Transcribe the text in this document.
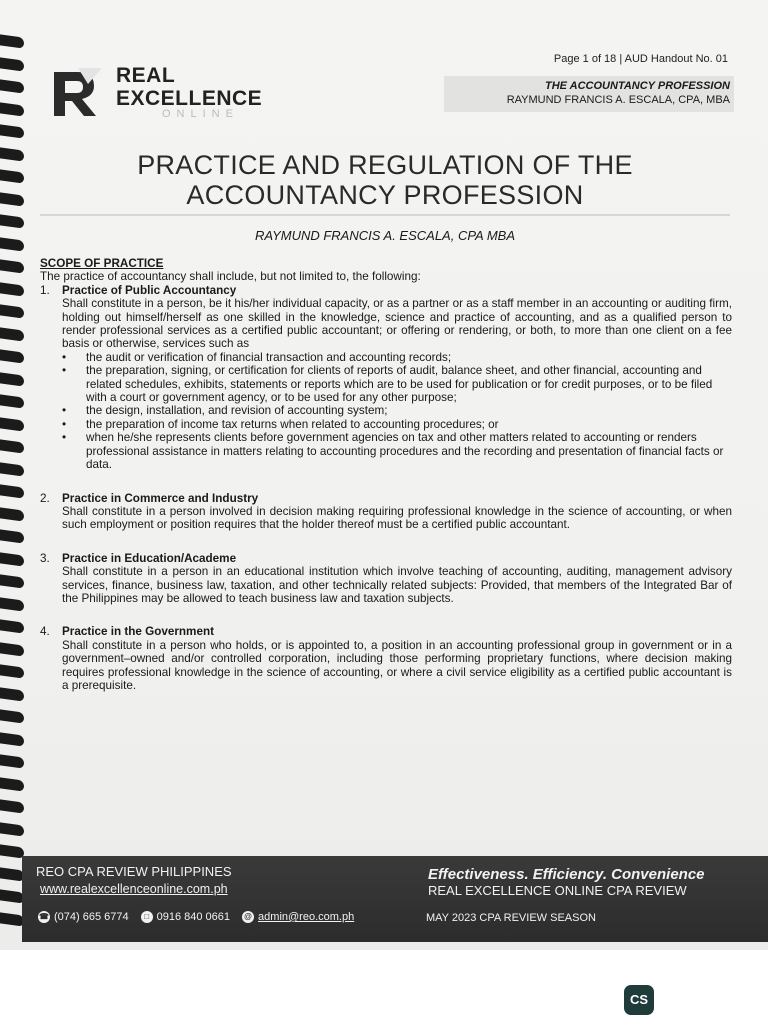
REAL
EXCELLENCE
ONLINE
Page 1 of 18 | AUD Handout No. 01
THE ACCOUNTANCY PROFESSION
RAYMUND FRANCIS A. ESCALA, CPA, MBA
PRACTICE AND REGULATION OF THE
ACCOUNTANCY PROFESSION
RAYMUND FRANCIS A. ESCALA, CPA MBA
SCOPE OF PRACTICE
The practice of accountancy shall include, but not limited to, the following:
1.	Practice of Public Accountancy
Shall constitute in a person, be it his/her individual capacity, or as a partner or as a staff member in an accounting or auditing firm, holding out himself/herself as one skilled in the knowledge, science and practice of accounting, and as a qualified person to render professional services as a certified public accountant; or offering or rendering, or both, to more than one client on a fee basis or otherwise, services such as
• the audit or verification of financial transaction and accounting records;
• the preparation, signing, or certification for clients of reports of audit, balance sheet, and other financial, accounting and related schedules, exhibits, statements or reports which are to be used for publication or for credit purposes, or to be filed with a court or government agency, or to be used for any other purpose;
• the design, installation, and revision of accounting system;
• the preparation of income tax returns when related to accounting procedures; or
• when he/she represents clients before government agencies on tax and other matters related to accounting or renders professional assistance in matters relating to accounting procedures and the recording and presentation of financial facts or data.
2.	Practice in Commerce and Industry
Shall constitute in a person involved in decision making requiring professional knowledge in the science of accounting, or when such employment or position requires that the holder thereof must be a certified public accountant.
3.	Practice in Education/Academe
Shall constitute in a person in an educational institution which involve teaching of accounting, auditing, management advisory services, finance, business law, taxation, and other technically related subjects: Provided, that members of the Integrated Bar of the Philippines may be allowed to teach business law and taxation subjects.
4.	Practice in the Government
Shall constitute in a person who holds, or is appointed to, a position in an accounting professional group in government or in a government–owned and/or controlled corporation, including those performing proprietary functions, where decision making requires professional knowledge in the science of accounting, or where a civil service eligibility as a certified public accountant is a prerequisite.
REO CPA REVIEW PHILIPPINES
www.realexcellenceonline.com.ph
☎ (074) 665 6774	□ 0916 840 0661 @ admin@reo.com.ph
Effectiveness. Efficiency. Convenience
REAL EXCELLENCE ONLINE CPA REVIEW
MAY 2023 CPA REVIEW SEASON
CS
